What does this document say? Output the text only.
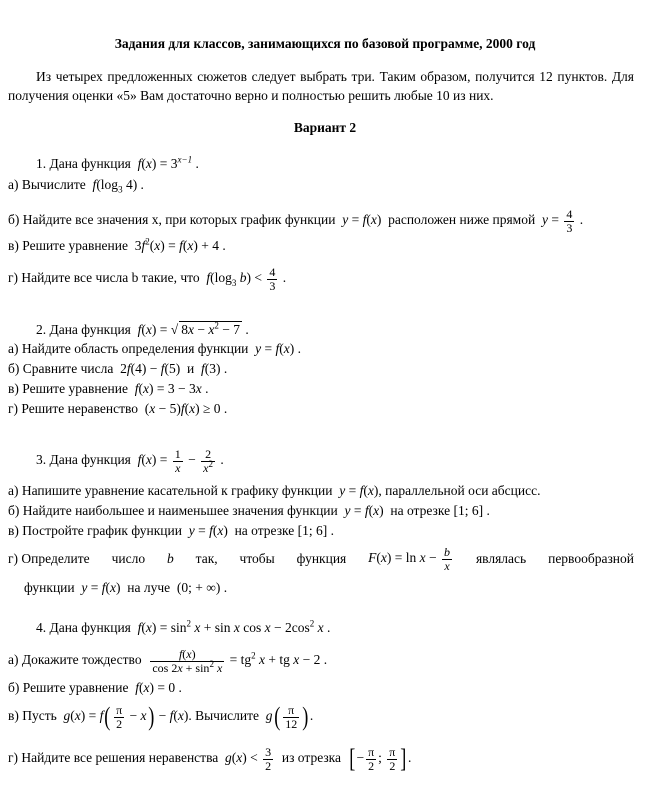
Задания для классов, занимающихся по базовой программе, 2000 год
Из четырех предложенных сюжетов следует выбрать три. Таким образом, получится 12 пунктов. Для получения оценки «5» Вам достаточно верно и полностью решить любые 10 из них.
Вариант 2
1. Дана функция $f(x) = 3^{x-1}$ .
а) Вычислите $f(\log_3$ 4) .
б) Найдите все значения x, при которых график функции y = f(x)  расположен ниже прямой $y = \frac{4}{3}$ .
в) Решите уравнение  $3f^2(x) = f(x) + 4$ .
г) Найдите все числа b такие, что $f(\log_3$ $b) < \frac{4}{3}$ .
2. Дана функция f(x) = √ $8x - x^2 - 7$ .
а) Найдите область определения функции y = f(x) .
б) Сравните числа  2f(4) − f(5)  и f(3) .
в) Решите уравнение f(x) = 3 − 3x .
г) Решите неравенство  (x − 5)f(x) ≥ 0 .
3. Дана функция $f(x) = \frac{1}{x} - \frac{2}{x^2}$ .
а) Напишите уравнение касательной к графику функции y = f(x), параллельной оси абсцисс.
б) Найдите наибольшее и наименьшее значения функции y = f(x)  на отрезке [1; 6] .
в) Постройте график функции y = f(x)  на отрезке [1; 6] .
г) Определите число b так, чтобы функция $F(x) = \ln x - \frac{b}{x}$ являлась первообразной
функции y = f(x)  на луче  (0; + ∞) .
4. Дана функция $f(x) = \sin^2 x + \sin x$ $\cos x - 2\cos^2$ x .
а) Докажите тождество $\frac{f(x)}{\cos 2x + \sin^2 x} = tg^2$ x + tg x − 2 .
б) Решите уравнение f(x) = 0 .
в) Пусть $g(x) = f( \frac{\pi}{2} - x) - f(x)$. Вычислите $g( \frac{\pi}{12}$ ).
г) Найдите все решения неравенства $g(x) < \frac{3}{2}$ из отрезка [− $\frac{\pi}{2}$ ; $\frac{\pi}{2}$ ].
